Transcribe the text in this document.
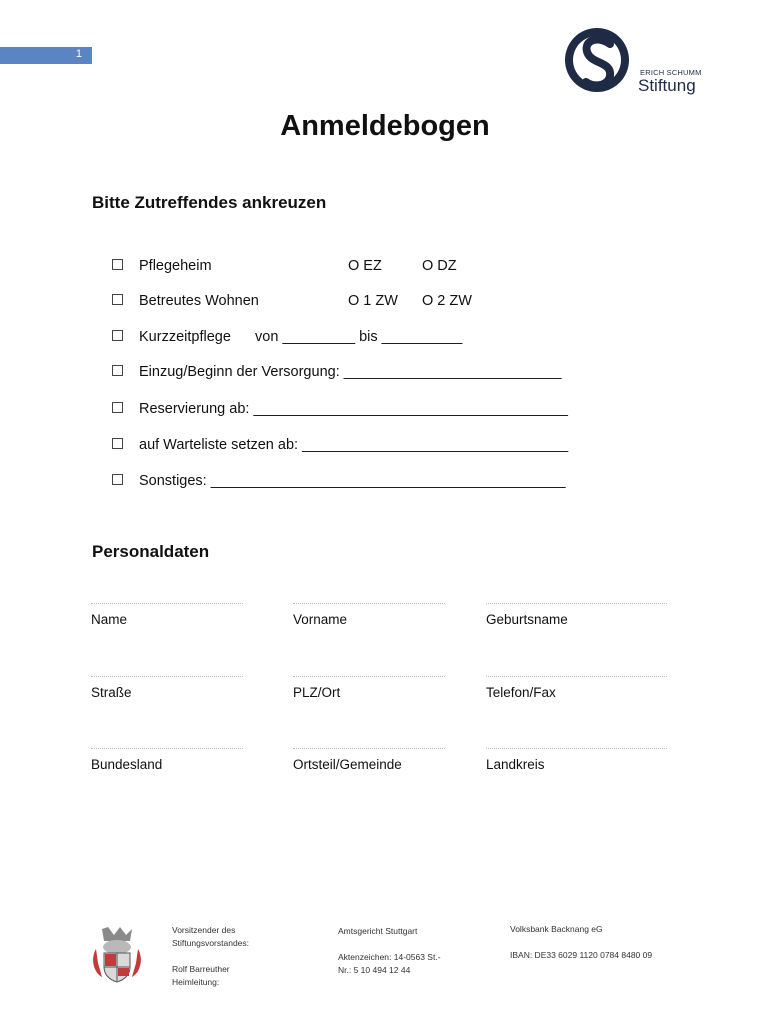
1
ERICH SCHUMM
Stiftung
Anmeldebogen
Bitte Zutreffendes ankreuzen
Pflegeheim	O EZ	O DZ
Betreutes Wohnen	O 1 ZW O 2 ZW
Kurzzeitpflege      von _________ bis __________
Einzug/Beginn der Versorgung: ___________________________
Reservierung ab: _______________________________________
auf Warteliste setzen ab: _________________________________
Sonstiges: ____________________________________________
Personaldaten
Name	Vorname	Geburtsname
Straße	PLZ/Ort	Telefon/Fax
Bundesland	Ortsteil/Gemeinde	Landkreis
Vorsitzender des
Stiftungsvorstandes:

Rolf Barreuther
Heimleitung:
Amtsgericht Stuttgart

Aktenzeichen: 14-0563 St.-
Nr.: 5 10 494 12 44
Volksbank Backnang eG

IBAN: DE33 6029 1120 0784 8480 09
